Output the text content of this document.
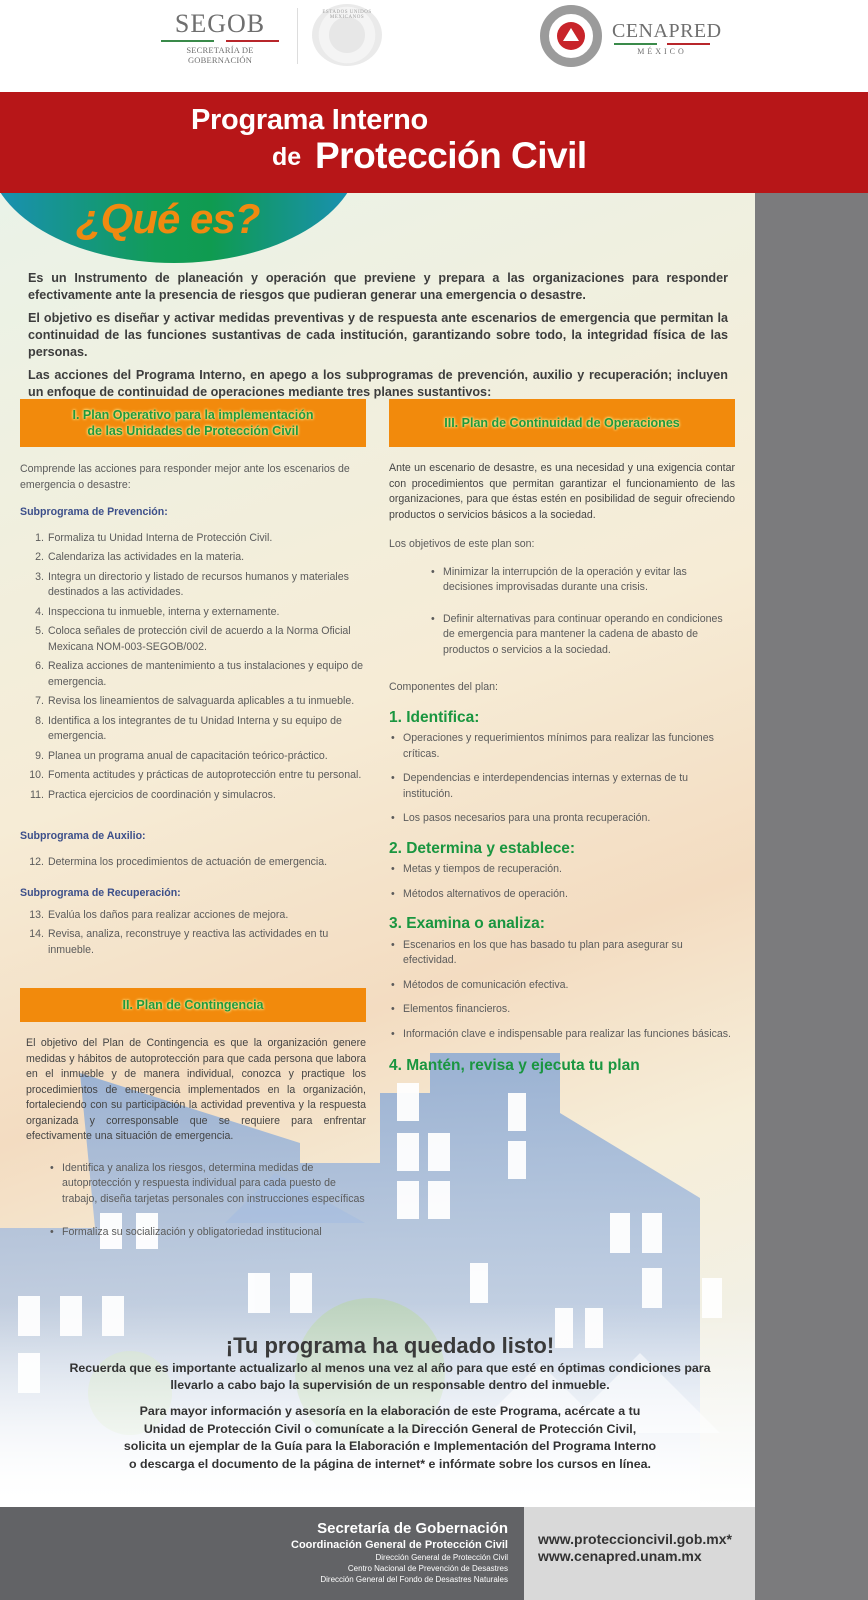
SEGOB
SECRETARÍA DE GOBERNACIÓN
ESTADOS UNIDOS MEXICANOS
CENAPRED
MÉXICO
Programa Interno
de Protección Civil
¿Qué es?

Es un Instrumento de planeación y operación que previene y prepara a las organizaciones para responder efectivamente ante la presencia de riesgos que pudieran generar una emergencia o desastre.

El objetivo es diseñar y activar medidas preventivas y de respuesta ante escenarios de emergencia que permitan la continuidad de las funciones sustantivas de cada institución, garantizando sobre todo, la integridad física de las personas.

Las acciones del Programa Interno, en apego a los subprogramas de prevención, auxilio y recuperación; incluyen un enfoque de continuidad de operaciones mediante tres planes sustantivos:

I. Plan Operativo para la implementación
de las Unidades de Protección Civil
Comprende las acciones para responder mejor ante los escenarios de emergencia o desastre:
Subprograma de Prevención:
1. Formaliza tu Unidad Interna de Protección Civil.
2. Calendariza las actividades en la materia.
3. Integra un directorio y listado de recursos humanos y materiales destinados a las actividades.
4. Inspecciona tu inmueble, interna y externamente.
5. Coloca señales de protección civil de acuerdo a la Norma Oficial Mexicana NOM-003-SEGOB/002.
6. Realiza acciones de mantenimiento a tus instalaciones y equipo de emergencia.
7. Revisa los lineamientos de salvaguarda aplicables a tu inmueble.
8. Identifica a los integrantes de tu Unidad Interna y su equipo de emergencia.
9. Planea un programa anual de capacitación teórico-práctico.
10. Fomenta actitudes y prácticas de autoprotección entre tu personal.
11. Practica ejercicios de coordinación y simulacros.
Subprograma de Auxilio:
12. Determina los procedimientos de actuación de emergencia.
Subprograma de Recuperación:
13. Evalúa los daños para realizar acciones de mejora.
14. Revisa, analiza, reconstruye y reactiva las actividades en tu inmueble.
II. Plan de Contingencia
El objetivo del Plan de Contingencia es que la organización genere medidas y hábitos de autoprotección para que cada persona que labora en el inmueble y de manera individual, conozca y practique los procedimientos de emergencia implementados en la organización, fortaleciendo con su participación la actividad preventiva y la respuesta organizada y corresponsable que se requiere para enfrentar efectivamente una situación de emergencia.
• Identifica y analiza los riesgos, determina medidas de autoprotección y respuesta individual para cada puesto de trabajo, diseña tarjetas personales con instrucciones específicas
• Formaliza su socialización y obligatoriedad institucional
III. Plan de Continuidad de Operaciones
Ante un escenario de desastre, es una necesidad y una exigencia contar con procedimientos que permitan garantizar el funcionamiento de las organizaciones, para que éstas estén en posibilidad de seguir ofreciendo productos o servicios básicos a la sociedad.
Los objetivos de este plan son:
• Minimizar la interrupción de la operación y evitar las decisiones improvisadas durante una crisis.
• Definir alternativas para continuar operando en condiciones de emergencia para mantener la cadena de abasto de productos o servicios a la sociedad.
Componentes del plan:
1. Identifica:
• Operaciones y requerimientos mínimos para realizar las funciones críticas.
• Dependencias e interdependencias internas y externas de tu institución.
• Los pasos necesarios para una pronta recuperación.
2. Determina y establece:
• Metas y tiempos de recuperación.
• Métodos alternativos de operación.
3. Examina o analiza:
• Escenarios en los que has basado tu plan para asegurar su efectividad.
• Métodos de comunicación efectiva.
• Elementos financieros.
• Información clave e indispensable para realizar las funciones básicas.
4. Mantén, revisa y ejecuta tu plan
¡Tu programa ha quedado listo!
Recuerda que es importante actualizarlo al menos una vez al año para que esté en óptimas condiciones para llevarlo a cabo bajo la supervisión de un responsable dentro del inmueble.
Para mayor información y asesoría en la elaboración de este Programa, acércate a tu
Unidad de Protección Civil o comunícate a la Dirección General de Protección Civil,
solicita un ejemplar de la Guía para la Elaboración e Implementación del Programa Interno
o descarga el documento de la página de internet* e infórmate sobre los cursos en línea.
Secretaría de Gobernación
Coordinación General de Protección Civil
Dirección General de Protección Civil
Centro Nacional de Prevención de Desastres
Dirección General del Fondo de Desastres Naturales
www.proteccioncivil.gob.mx*
www.cenapred.unam.mx
